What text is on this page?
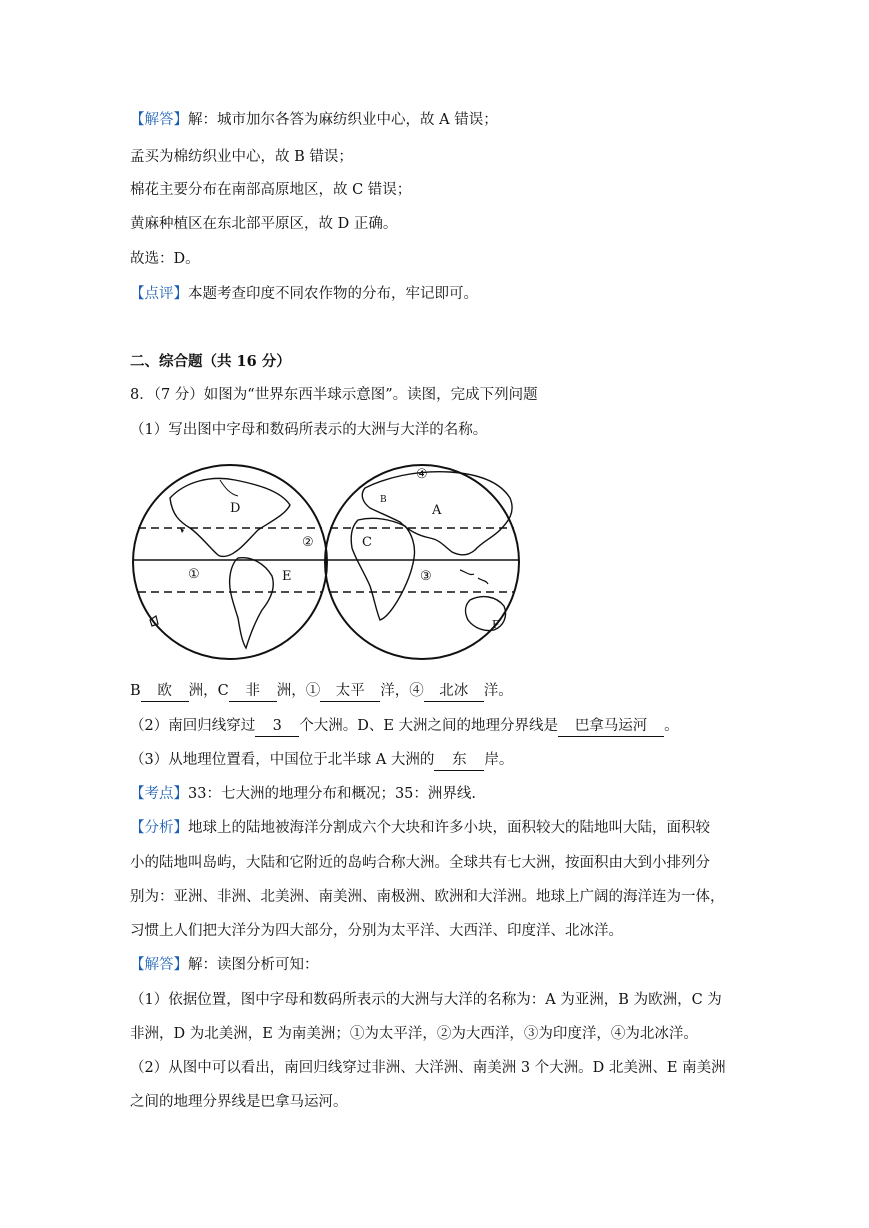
【解答】解：城市加尔各答为麻纺织业中心，故 A 错误；
孟买为棉纺织业中心，故 B 错误；
棉花主要分布在南部高原地区，故 C 错误；
黄麻种植区在东北部平原区，故 D 正确。
故选：D。
【点评】本题考查印度不同农作物的分布，牢记即可。
二、综合题（共 16 分）
8．（7 分）如图为“世界东西半球示意图”。读图，完成下列问题
（1）写出图中字母和数码所表示的大洲与大洋的名称。
D
E
①
②
B
A
C
③
④
F
B 欧 洲，C 非 洲，① 太平 洋，④ 北冰 洋。
（2）南回归线穿过 3 个大洲。D、E 大洲之间的地理分界线是 巴拿马运河 。
（3）从地理位置看，中国位于北半球 A 大洲的 东 岸。
【考点】33：七大洲的地理分布和概况；35：洲界线.
【分析】地球上的陆地被海洋分割成六个大块和许多小块，面积较大的陆地叫大陆，面积较
小的陆地叫岛屿，大陆和它附近的岛屿合称大洲。全球共有七大洲，按面积由大到小排列分
别为：亚洲、非洲、北美洲、南美洲、南极洲、欧洲和大洋洲。地球上广阔的海洋连为一体，
习惯上人们把大洋分为四大部分，分别为太平洋、大西洋、印度洋、北冰洋。
【解答】解：读图分析可知：
（1）依据位置，图中字母和数码所表示的大洲与大洋的名称为：A 为亚洲，B 为欧洲，C 为
非洲，D 为北美洲，E 为南美洲；①为太平洋，②为大西洋，③为印度洋，④为北冰洋。
（2）从图中可以看出，南回归线穿过非洲、大洋洲、南美洲 3 个大洲。D 北美洲、E 南美洲
之间的地理分界线是巴拿马运河。
